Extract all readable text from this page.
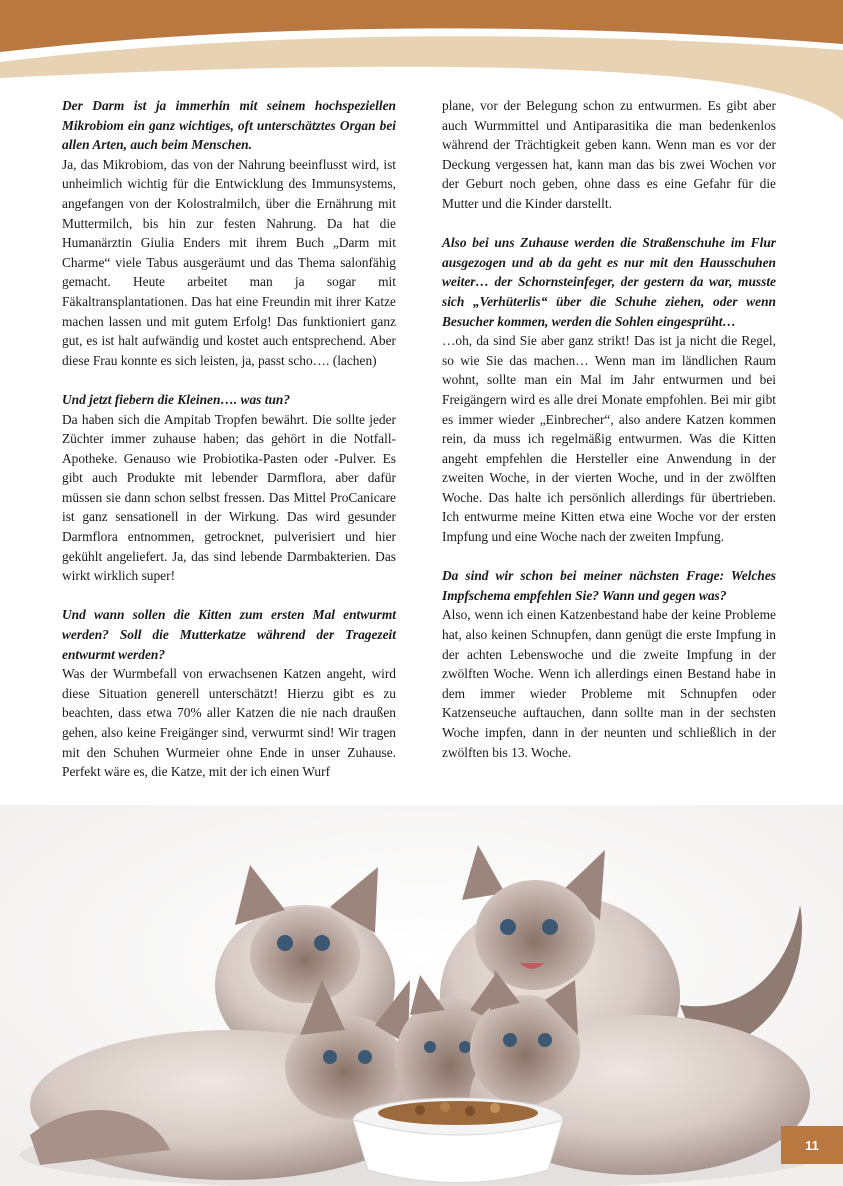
Der Darm ist ja immerhin mit seinem hochspeziellen Mikrobiom ein ganz wichtiges, oft unterschätztes Organ bei allen Arten, auch beim Menschen.

Ja, das Mikrobiom, das von der Nahrung beeinflusst wird, ist unheimlich wichtig für die Entwicklung des Immunsystems, angefangen von der Kolostralmilch, über die Ernährung mit Muttermilch, bis hin zur festen Nahrung. Da hat die Humanärztin Giulia Enders mit ihrem Buch „Darm mit Charme“ viele Tabus ausgeräumt und das Thema salonfähig gemacht. Heute arbeitet man ja sogar mit Fäkaltransplantationen. Das hat eine Freundin mit ihrer Katze machen lassen und mit gutem Erfolg! Das funktioniert ganz gut, es ist halt aufwändig und kostet auch entsprechend. Aber diese Frau konnte es sich leisten, ja, passt scho…. (lachen)

Und jetzt fiebern die Kleinen…. was tun?

Da haben sich die Ampitab Tropfen bewährt. Die sollte jeder Züchter immer zuhause haben; das gehört in die Notfall-Apotheke. Genauso wie Probiotika-Pasten oder -Pulver. Es gibt auch Produkte mit lebender Darmflora, aber dafür müssen sie dann schon selbst fressen. Das Mittel ProCanicare ist ganz sensationell in der Wirkung. Das wird gesunder Darmflora entnommen, getrocknet, pulverisiert und hier gekühlt angeliefert. Ja, das sind lebende Darmbakterien. Das wirkt wirklich super!

Und wann sollen die Kitten zum ersten Mal entwurmt werden? Soll die Mutterkatze während der Tragezeit entwurmt werden?

Was der Wurmbefall von erwachsenen Katzen angeht, wird diese Situation generell unterschätzt! Hierzu gibt es zu beachten, dass etwa 70% aller Katzen die nie nach draußen gehen, also keine Freigänger sind, verwurmt sind! Wir tragen mit den Schuhen Wurmeier ohne Ende in unser Zuhause. Perfekt wäre es, die Katze, mit der ich einen Wurf

plane, vor der Belegung schon zu entwurmen. Es gibt aber auch Wurmmittel und Antiparasitika die man bedenkenlos während der Trächtigkeit geben kann. Wenn man es vor der Deckung vergessen hat, kann man das bis zwei Wochen vor der Geburt noch geben, ohne dass es eine Gefahr für die Mutter und die Kinder darstellt.

Also bei uns Zuhause werden die Straßenschuhe im Flur ausgezogen und ab da geht es nur mit den Hausschuhen weiter… der Schornsteinfeger, der gestern da war, musste sich „Verhüterlis“ über die Schuhe ziehen, oder wenn Besucher kommen, werden die Sohlen eingesprüht…

…oh, da sind Sie aber ganz strikt! Das ist ja nicht die Regel, so wie Sie das machen… Wenn man im ländlichen Raum wohnt, sollte man ein Mal im Jahr entwurmen und bei Freigängern wird es alle drei Monate empfohlen. Bei mir gibt es immer wieder „Einbrecher“, also andere Katzen kommen rein, da muss ich regelmäßig entwurmen. Was die Kitten angeht empfehlen die Hersteller eine Anwendung in der zweiten Woche, in der vierten Woche, und in der zwölften Woche. Das halte ich persönlich allerdings für übertrieben. Ich entwurme meine Kitten etwa eine Woche vor der ersten Impfung und eine Woche nach der zweiten Impfung.

Da sind wir schon bei meiner nächsten Frage: Welches Impfschema empfehlen Sie? Wann und gegen was?

Also, wenn ich einen Katzenbestand habe der keine Probleme hat, also keinen Schnupfen, dann genügt die erste Impfung in der achten Lebenswoche und die zweite Impfung in der zwölften Woche. Wenn ich allerdings einen Bestand habe in dem immer wieder Probleme mit Schnupfen oder Katzenseuche auftauchen, dann sollte man in der sechsten Woche impfen, dann in der neunten und schließlich in der zwölften bis 13. Woche.

11
